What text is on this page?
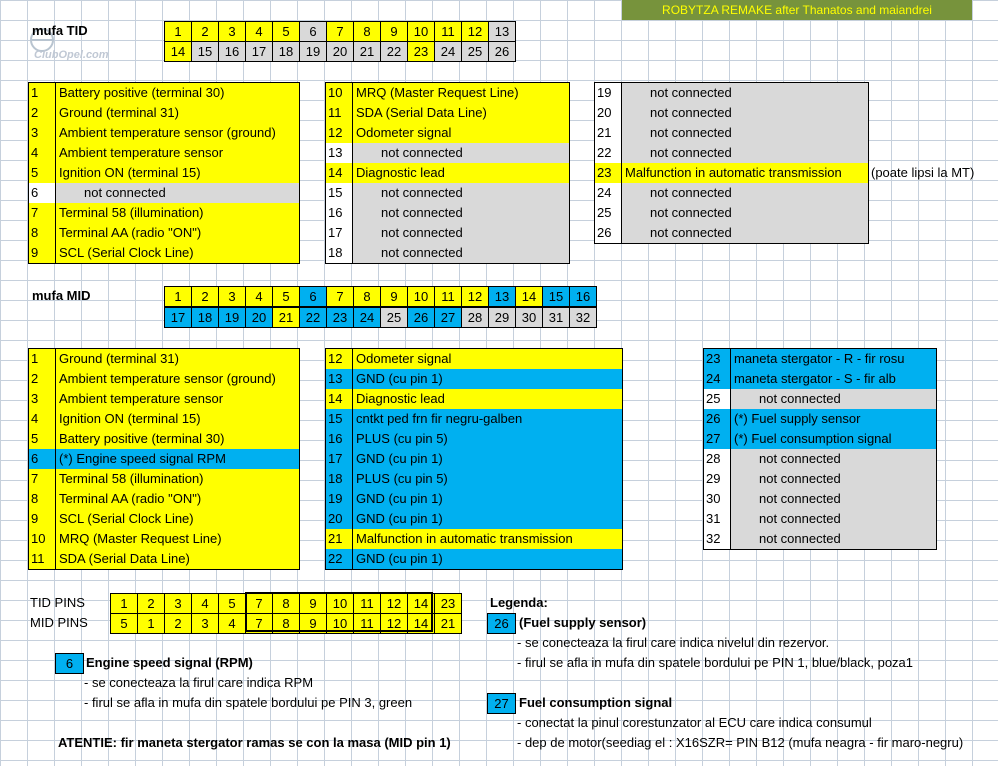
ROBYTZA REMAKE after Thanatos and maiandrei
ClubOpel.com
mufa TID	1	2	3	4	5	6	7	8	9	10	11	12 13
14 15 16 17 18 19 20 21 22 23 24 25 26
1	Battery positive (terminal 30)
2	Ground (terminal 31)
3	Ambient temperature sensor (ground)
4	Ambient temperature sensor
5	Ignition ON (terminal 15)
6	not connected
7	Terminal 58 (illumination)
8	Terminal AA (radio "ON")
9	SCL (Serial Clock Line)
10	MRQ (Master Request Line)
11	SDA (Serial Data Line)
12	Odometer signal
13	not connected
14	Diagnostic lead
15	not connected
16	not connected
17	not connected
18	not connected
19	not connected
20	not connected
21	not connected
22	not connected
23	Malfunction in automatic transmission
24	not connected
25	not connected
26	not connected
(poate lipsi la MT)
mufa MID	1	2	3	4	5	6	7	8	9	10	11	12 13 14 15 16
17 18 19 20 21 22 23 24 25 26 27 28 29 30 31 32
1	Ground (terminal 31)
2	Ambient temperature sensor (ground)
3	Ambient temperature sensor
4	Ignition ON (terminal 15)
5	Battery positive (terminal 30)
6	(*) Engine speed signal RPM
7	Terminal 58 (illumination)
8	Terminal AA (radio "ON")
9	SCL (Serial Clock Line)
10	MRQ (Master Request Line)
11	SDA (Serial Data Line)
12	Odometer signal
13	GND (cu pin 1)
14	Diagnostic lead
15	cntkt ped frn fir negru-galben
16	PLUS (cu pin 5)
17	GND (cu pin 1)
18	PLUS (cu pin 5)
19	GND (cu pin 1)
20	GND (cu pin 1)
21	Malfunction in automatic transmission
22	GND (cu pin 1)
23	maneta stergator - R - fir rosu
24	maneta stergator - S - fir alb
25	not connected
26	(*) Fuel supply sensor
27	(*) Fuel consumption signal
28	not connected
29	not connected
30	not connected
31	not connected
32	not connected
TID PINS
MID PINS
1	2	3	4	5	7	8	9	10	11	12 14 23
5	1	2	3	4	7	8	9	10	11	12 14 21
Legenda:
26 (Fuel supply sensor)
- se conecteaza la firul care indica nivelul din rezervor.
- firul se afla in mufa din spatele bordului pe PIN 1, blue/black, poza1
27 Fuel consumption signal
- conectat la pinul corestunzator al ECU care indica consumul
- dep de motor(seediag el : X16SZR= PIN B12 (mufa neagra - fir maro-negru)
6 Engine speed signal (RPM)
- se conecteaza la firul care indica RPM
- firul se afla in mufa din spatele bordului pe PIN 3, green
ATENTIE: fir maneta stergator ramas se con la masa (MID pin 1)
